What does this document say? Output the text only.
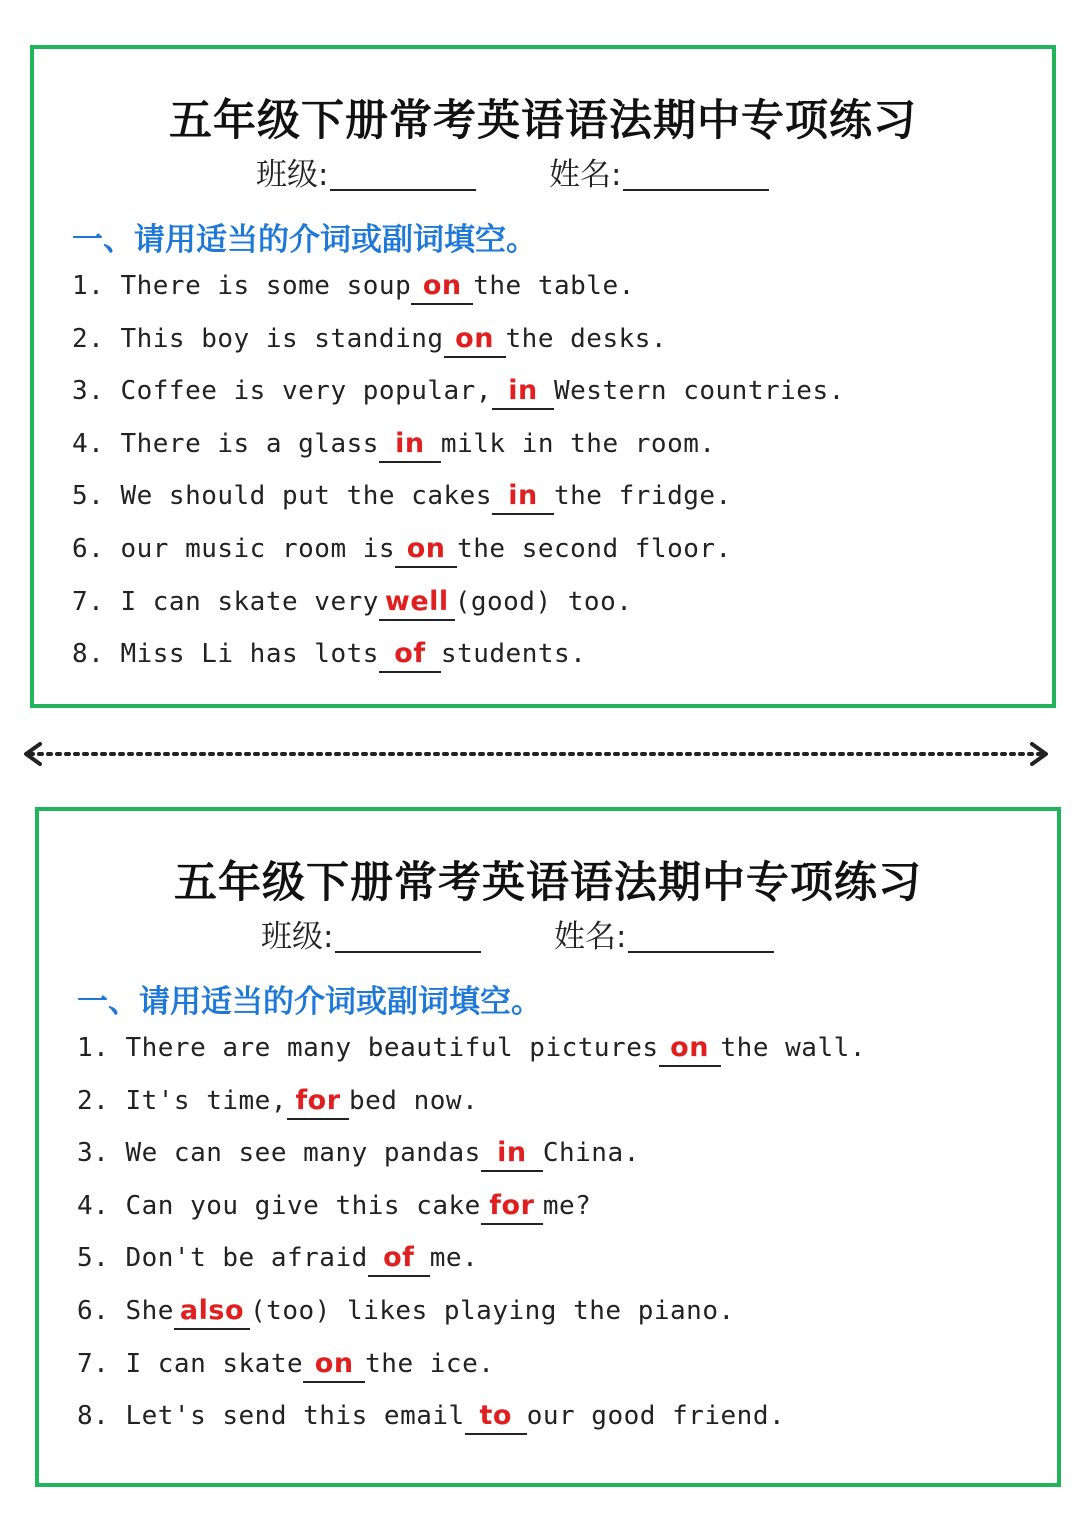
五年级下册常考英语语法期中专项练习
班级:	姓名:
一、请用适当的介词或副词填空。
1. There is some soup on the table.
2. This boy is standing on the desks.
3. Coffee is very popular, in Western countries.
4. There is a glass in milk in the room.
5. We should put the cakes in the fridge.
6. our music room is on the second floor.
7. I can skate very well (good) too.
8. Miss Li has lots of students.
五年级下册常考英语语法期中专项练习
班级:	姓名:
一、请用适当的介词或副词填空。
1. There are many beautiful pictures on the wall.
2. It's time, for bed now.
3. We can see many pandas in China.
4. Can you give this cake for me?
5. Don't be afraid of me.
6. She also (too) likes playing the piano.
7. I can skate on the ice.
8. Let's send this email to our good friend.
